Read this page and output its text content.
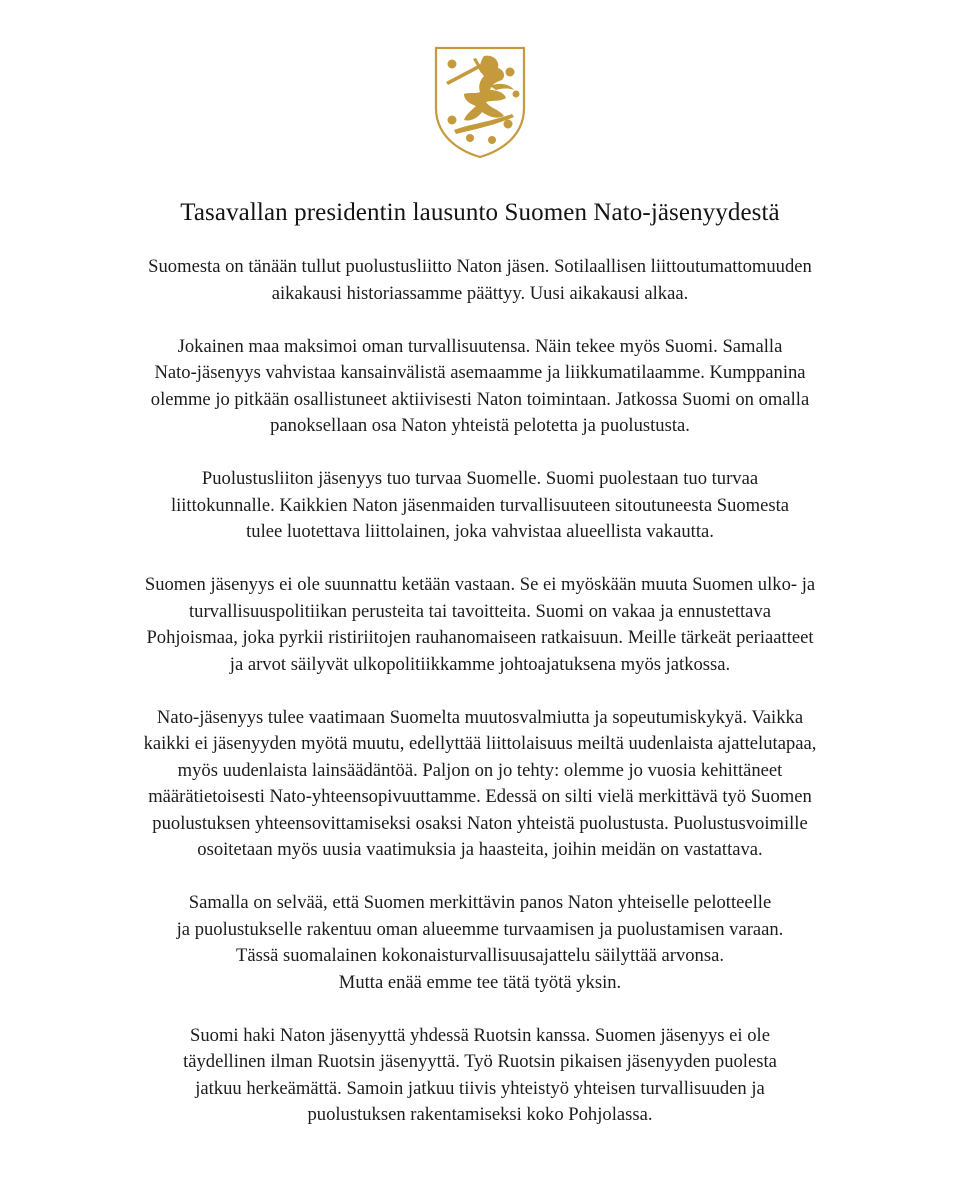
Tasavallan presidentin lausunto Suomen Nato-jäsenyydestä

Suomesta on tänään tullut puolustusliitto Naton jäsen. Sotilaallisen liittoutumattomuuden
aikakausi historiassamme päättyy. Uusi aikakausi alkaa.

Jokainen maa maksimoi oman turvallisuutensa. Näin tekee myös Suomi. Samalla
Nato-jäsenyys vahvistaa kansainvälistä asemaamme ja liikkumatilaamme. Kumppanina
olemme jo pitkään osallistuneet aktiivisesti Naton toimintaan. Jatkossa Suomi on omalla
panoksellaan osa Naton yhteistä pelotetta ja puolustusta.

Puolustusliiton jäsenyys tuo turvaa Suomelle. Suomi puolestaan tuo turvaa
liittokunnalle. Kaikkien Naton jäsenmaiden turvallisuuteen sitoutuneesta Suomesta
tulee luotettava liittolainen, joka vahvistaa alueellista vakautta.

Suomen jäsenyys ei ole suunnattu ketään vastaan. Se ei myöskään muuta Suomen ulko- ja
turvallisuuspolitiikan perusteita tai tavoitteita. Suomi on vakaa ja ennustettava
Pohjoismaa, joka pyrkii ristiriitojen rauhanomaiseen ratkaisuun. Meille tärkeät periaatteet
ja arvot säilyvät ulkopolitiikkamme johtoajatuksena myös jatkossa.

Nato-jäsenyys tulee vaatimaan Suomelta muutosvalmiutta ja sopeutumiskykyä. Vaikka
kaikki ei jäsenyyden myötä muutu, edellyttää liittolaisuus meiltä uudenlaista ajattelutapaa,
myös uudenlaista lainsäädäntöä. Paljon on jo tehty: olemme jo vuosia kehittäneet
määrätietoisesti Nato-yhteensopivuuttamme. Edessä on silti vielä merkittävä työ Suomen
puolustuksen yhteensovittamiseksi osaksi Naton yhteistä puolustusta. Puolustusvoimille
osoitetaan myös uusia vaatimuksia ja haasteita, joihin meidän on vastattava.

Samalla on selvää, että Suomen merkittävin panos Naton yhteiselle pelotteelle
ja puolustukselle rakentuu oman alueemme turvaamisen ja puolustamisen varaan.
Tässä suomalainen kokonaisturvallisuusajattelu säilyttää arvonsa.
Mutta enää emme tee tätä työtä yksin.

Suomi haki Naton jäsenyyttä yhdessä Ruotsin kanssa. Suomen jäsenyys ei ole
täydellinen ilman Ruotsin jäsenyyttä. Työ Ruotsin pikaisen jäsenyyden puolesta
jatkuu herkeämättä. Samoin jatkuu tiivis yhteistyö yhteisen turvallisuuden ja
puolustuksen rakentamiseksi koko Pohjolassa.
